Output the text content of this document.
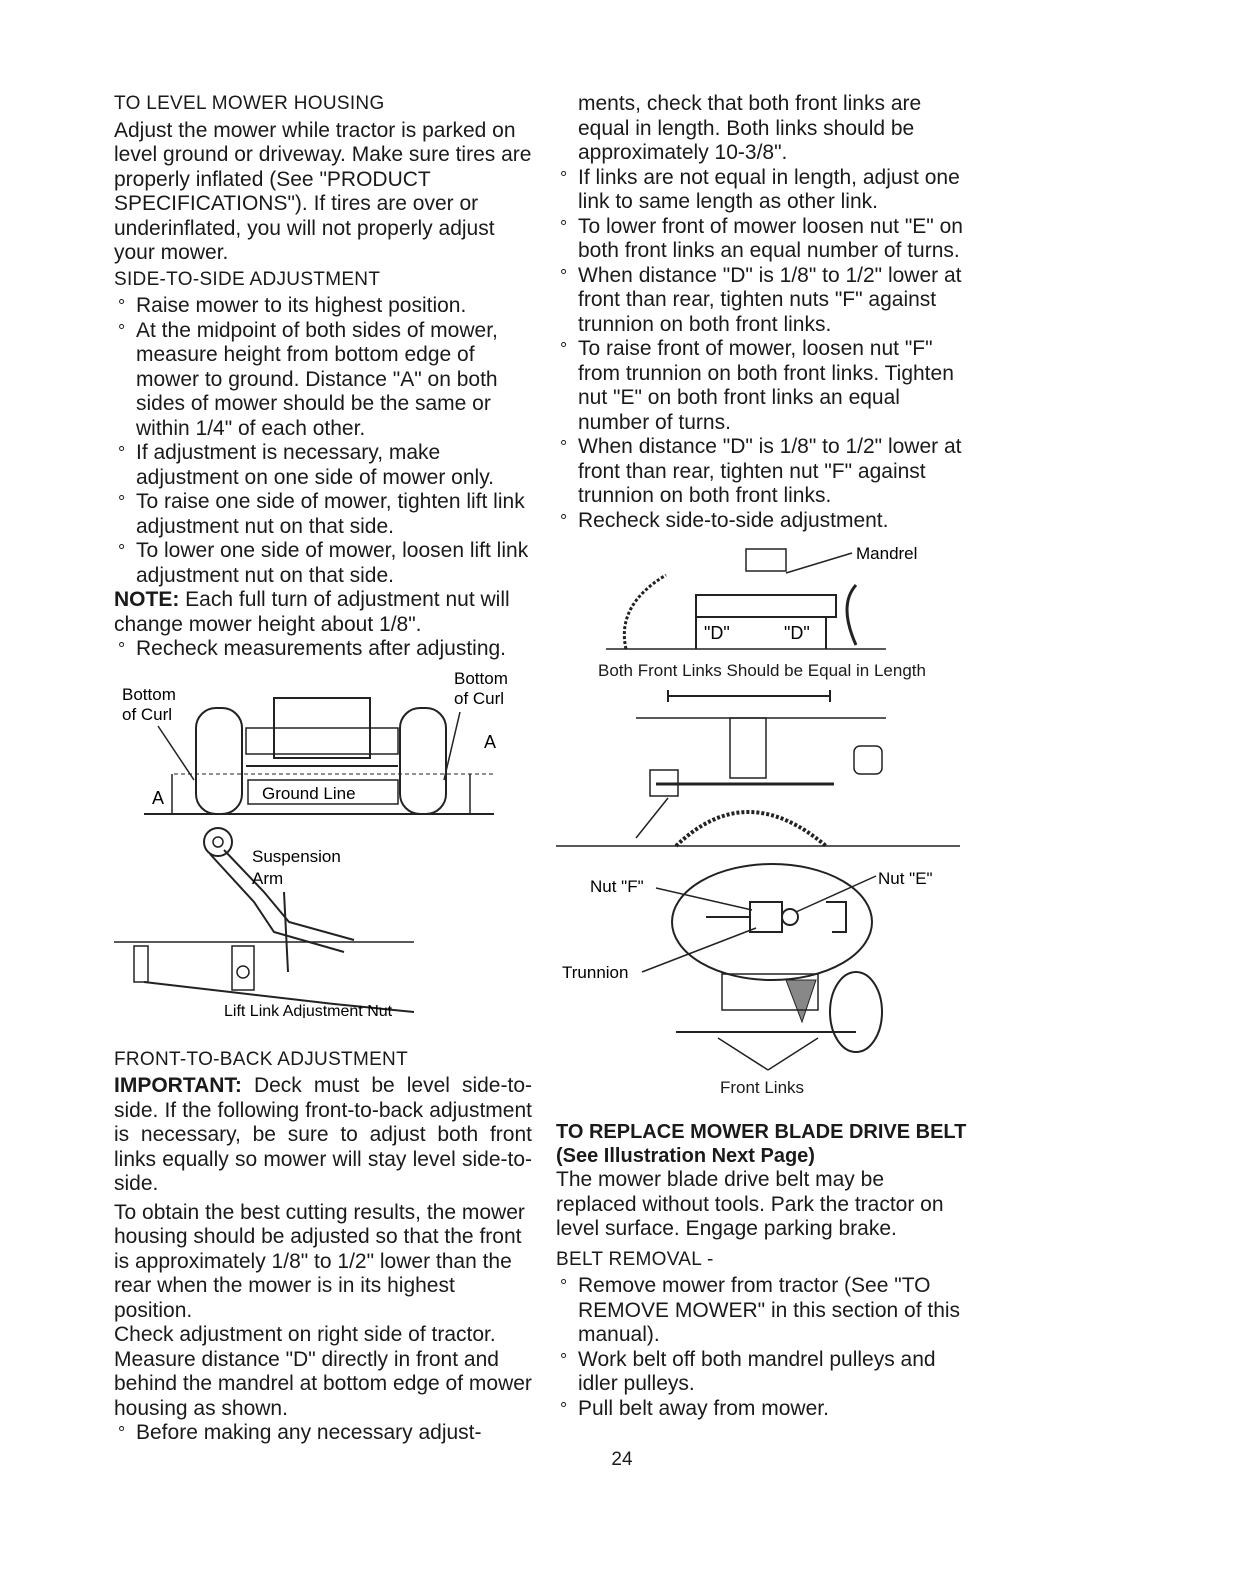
TO LEVEL MOWER HOUSING

Adjust the mower while tractor is parked on level ground or driveway. Make sure tires are properly inflated (See "PRODUCT SPECIFICATIONS"). If tires are over or underinflated, you will not properly adjust your mower.

SIDE-TO-SIDE ADJUSTMENT

° Raise mower to its highest position.
° At the midpoint of both sides of mower, measure height from bottom edge of mower to ground. Distance "A" on both sides of mower should be the same or within 1/4" of each other.
° If adjustment is necessary, make adjustment on one side of mower only.
° To raise one side of mower, tighten lift link adjustment nut on that side.
° To lower one side of mower, loosen lift link adjustment nut on that side.

NOTE: Each full turn of adjustment nut will change mower height about 1/8".

° Recheck measurements after adjusting.
Bottom
of Curl
Bottom
of Curl
A
A	Ground Line
Suspension
Arm
Lift Link Adjustment Nut

FRONT-TO-BACK ADJUSTMENT

IMPORTANT: Deck must be level side-to-side. If the following front-to-back adjustment is necessary, be sure to adjust both front links equally so mower will stay level side-to-side.

To obtain the best cutting results, the mower housing should be adjusted so that the front is approximately 1/8" to 1/2" lower than the rear when the mower is in its highest position.

Check adjustment on right side of tractor. Measure distance "D" directly in front and behind the mandrel at bottom edge of mower housing as shown.

° Before making any necessary adjust-

ments, check that both front links are equal in length. Both links should be approximately 10-3/8".

° If links are not equal in length, adjust one link to same length as other link.
° To lower front of mower loosen nut "E" on both front links an equal number of turns.
° When distance "D" is 1/8" to 1/2" lower at front than rear, tighten nuts "F" against trunnion on both front links.
° To raise front of mower, loosen nut "F" from trunnion on both front links. Tighten nut "E" on both front links an equal number of turns.
° When distance "D" is 1/8" to 1/2" lower at front than rear, tighten nut "F" against trunnion on both front links.
° Recheck side-to-side adjustment.
Mandrel
"D"	"D"

Both Front Links Should be Equal in Length

Nut "F"	Nut "E"
Trunnion

Front Links

TO REPLACE MOWER BLADE DRIVE BELT (See Illustration Next Page)

The mower blade drive belt may be replaced without tools. Park the tractor on level surface. Engage parking brake.

BELT REMOVAL -

° Remove mower from tractor (See "TO REMOVE MOWER" in this section of this manual).
° Work belt off both mandrel pulleys and idler pulleys.
° Pull belt away from mower.
24
